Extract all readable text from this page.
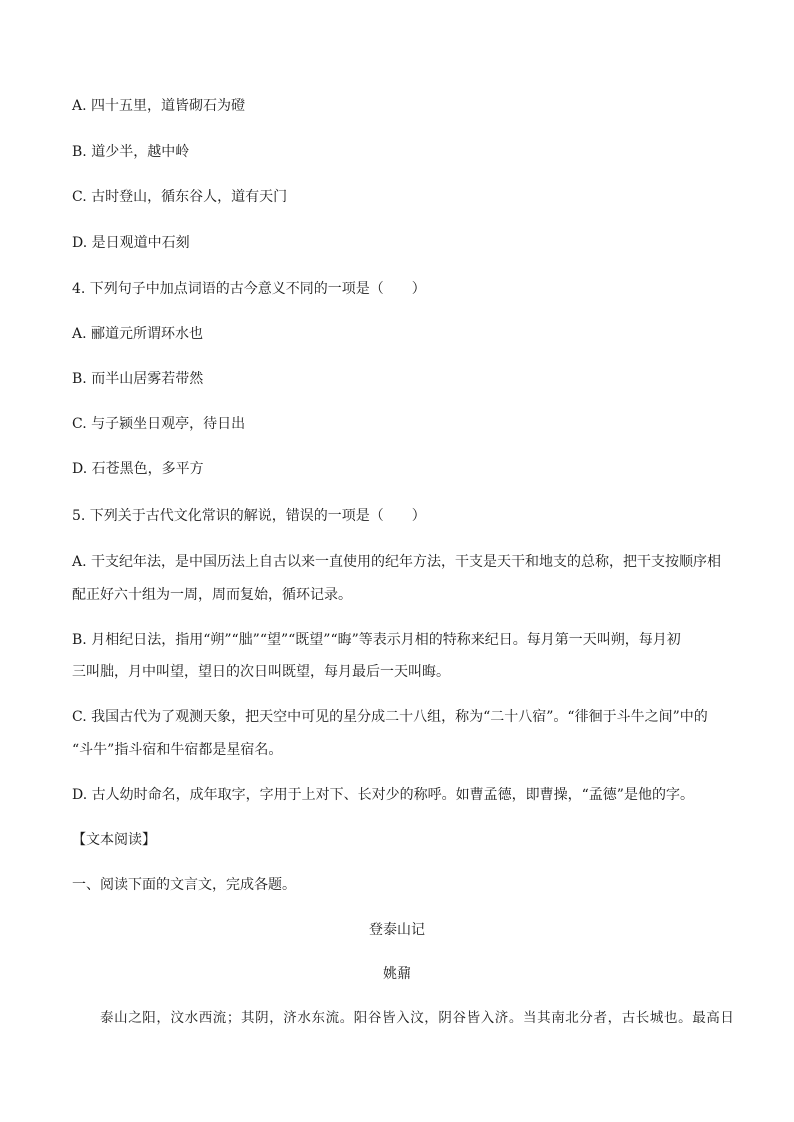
A. 四十五里，道皆砌石为磴
B. 道少半，越中岭
C. 古时登山，循东谷人，道有天门
D. 是日观道中石刻
4. 下列句子中加点词语的古今意义不同的一项是（　　）
A. 郦道元所谓环水也
B. 而半山居雾若带然
C. 与子颍坐日观亭，待日出
D. 石苍黑色，多平方
5. 下列关于古代文化常识的解说，错误的一项是（　　）
A. 干支纪年法，是中国历法上自古以来一直使用的纪年方法，干支是天干和地支的总称，把干支按顺序相
配正好六十组为一周，周而复始，循环记录。
B. 月相纪日法，指用“朔”“朏”“望”“既望”“晦”等表示月相的特称来纪日。每月第一天叫朔，每月初
三叫朏，月中叫望，望日的次日叫既望，每月最后一天叫晦。
C. 我国古代为了观测天象，把天空中可见的星分成二十八组，称为“二十八宿”。“徘徊于斗牛之间”中的
“斗牛”指斗宿和牛宿都是星宿名。
D. 古人幼时命名，成年取字，字用于上对下、长对少的称呼。如曹孟德，即曹操，“孟德”是他的字。
【文本阅读】
一、阅读下面的文言文，完成各题。
登泰山记
姚鼐
泰山之阳，汶水西流；其阴，济水东流。阳谷皆入汶，阴谷皆入济。当其南北分者，古长城也。最高日
